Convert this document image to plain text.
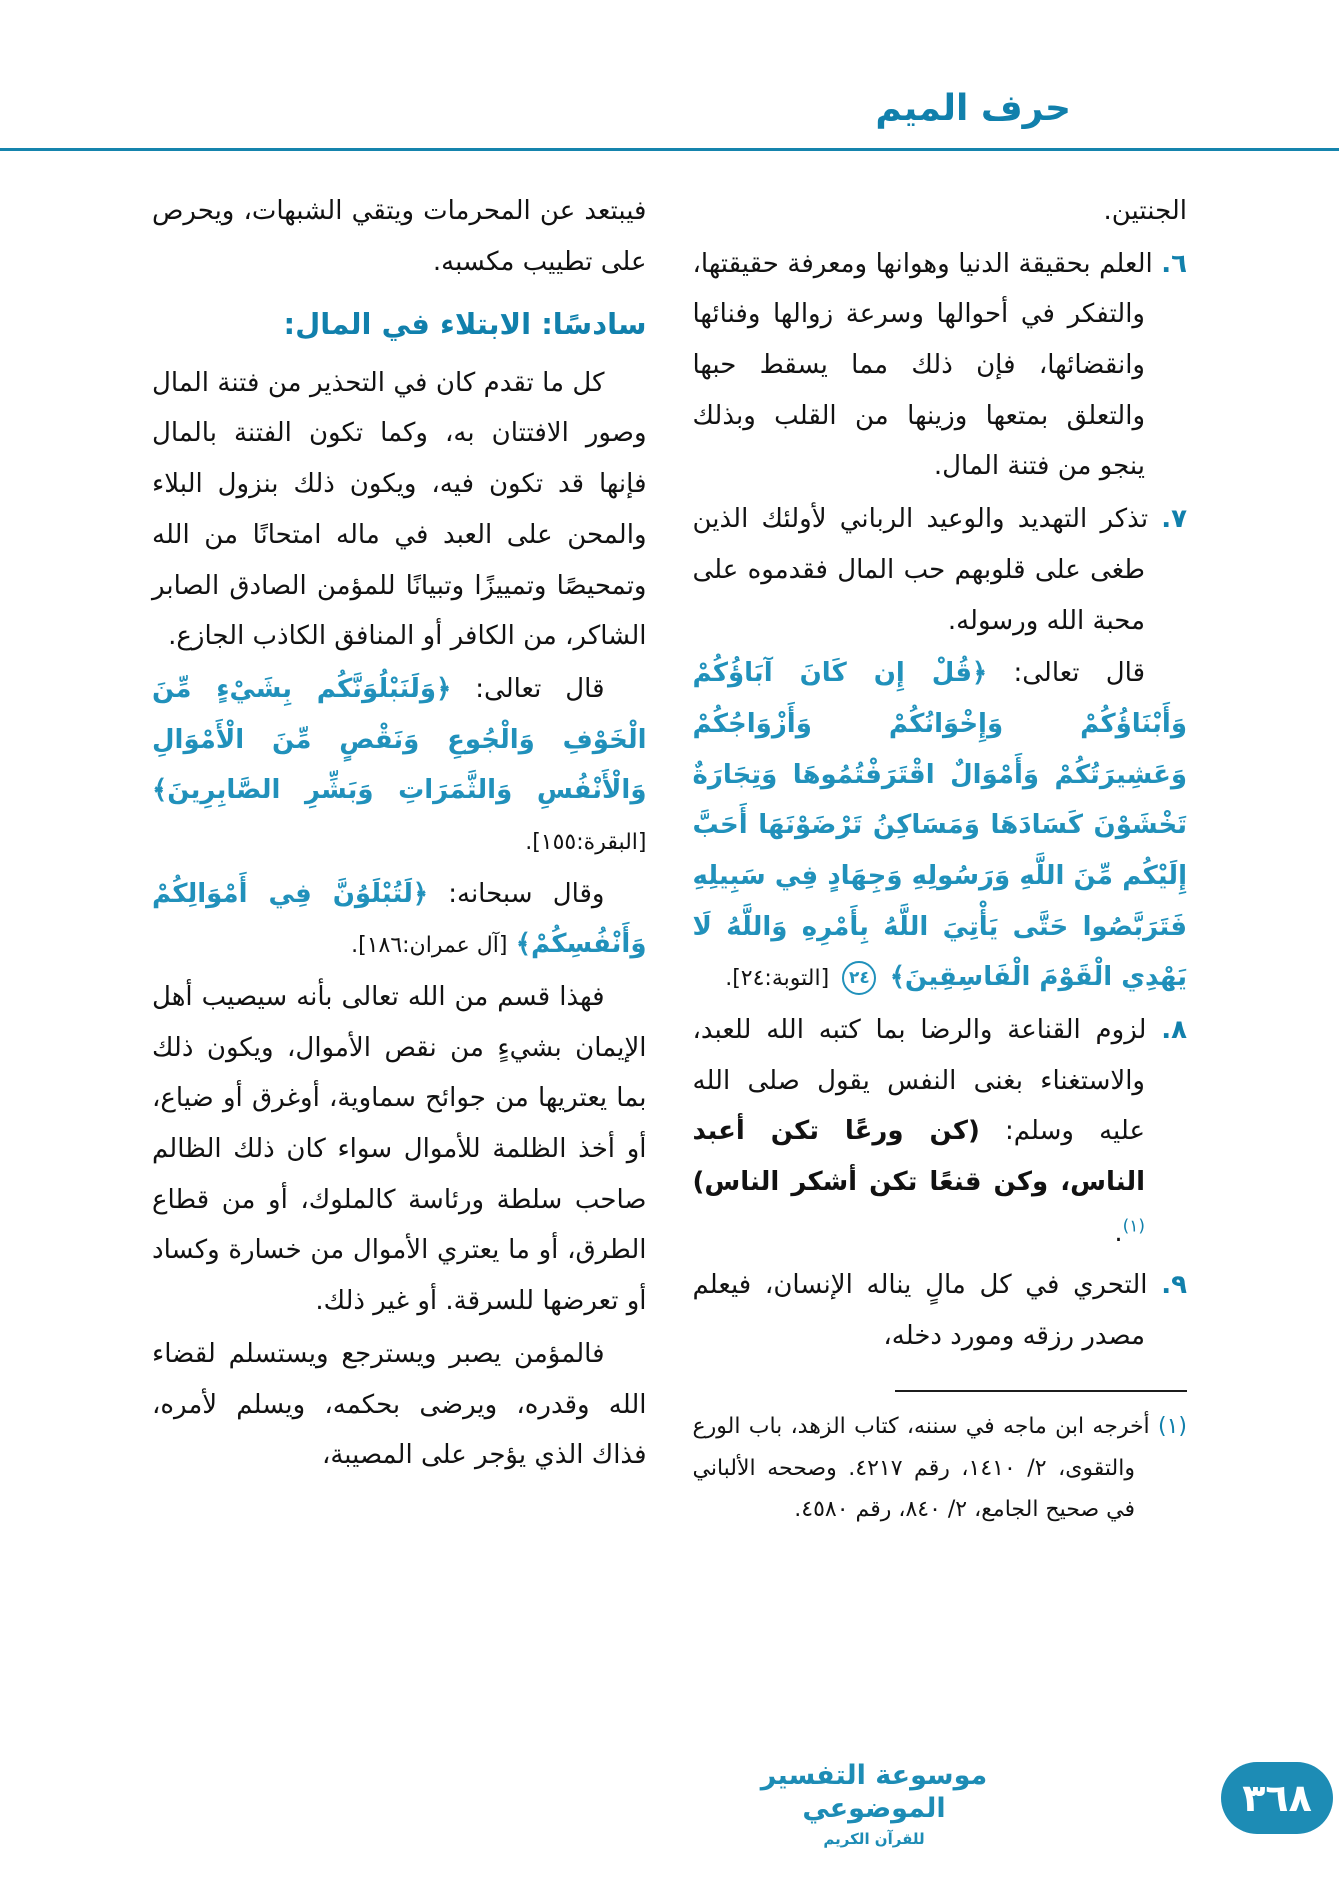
حرف الميم

الجنتين.

٦. العلم بحقيقة الدنيا وهوانها ومعرفة حقيقتها، والتفكر في أحوالها وسرعة زوالها وفنائها وانقضائها، فإن ذلك مما يسقط حبها والتعلق بمتعها وزينها من القلب وبذلك ينجو من فتنة المال.

٧. تذكر التهديد والوعيد الرباني لأولئك الذين طغى على قلوبهم حب المال فقدموه على محبة الله ورسوله.

قال تعالى: ﴿قُلْ إِن كَانَ آبَاؤُكُمْ وَأَبْنَاؤُكُمْ وَإِخْوَانُكُمْ وَأَزْوَاجُكُمْ وَعَشِيرَتُكُمْ وَأَمْوَالٌ اقْتَرَفْتُمُوهَا وَتِجَارَةٌ تَخْشَوْنَ كَسَادَهَا وَمَسَاكِنُ تَرْضَوْنَهَا أَحَبَّ إِلَيْكُم مِّنَ اللَّهِ وَرَسُولِهِ وَجِهَادٍ فِي سَبِيلِهِ فَتَرَبَّصُوا حَتَّى يَأْتِيَ اللَّهُ بِأَمْرِهِ وَاللَّهُ لَا يَهْدِي الْقَوْمَ الْفَاسِقِينَ﴾ ٢٤ [التوبة:٢٤].

٨. لزوم القناعة والرضا بما كتبه الله للعبد، والاستغناء بغنى النفس يقول صلى الله عليه وسلم: (كن ورعًا تكن أعبد الناس، وكن قنعًا تكن أشكر الناس)$^{(١)}$.

٩. التحري في كل مالٍ يناله الإنسان، فيعلم مصدر رزقه ومورد دخله،

(١) أخرجه ابن ماجه في سننه، كتاب الزهد، باب الورع والتقوى، ٢/ ١٤١٠، رقم ٤٢١٧. وصححه الألباني في صحيح الجامع، ٢/ ٨٤٠، رقم ٤٥٨٠.

فيبتعد عن المحرمات ويتقي الشبهات، ويحرص على تطييب مكسبه.

سادسًا: الابتلاء في المال:

كل ما تقدم كان في التحذير من فتنة المال وصور الافتتان به، وكما تكون الفتنة بالمال فإنها قد تكون فيه، ويكون ذلك بنزول البلاء والمحن على العبد في ماله امتحانًا من الله وتمحيصًا وتمييزًا وتبيانًا للمؤمن الصادق الصابر الشاكر، من الكافر أو المنافق الكاذب الجازع.

قال تعالى: ﴿وَلَنَبْلُوَنَّكُم بِشَيْءٍ مِّنَ الْخَوْفِ وَالْجُوعِ وَنَقْصٍ مِّنَ الْأَمْوَالِ وَالْأَنْفُسِ وَالثَّمَرَاتِ وَبَشِّرِ الصَّابِرِينَ﴾ [البقرة:١٥٥].

وقال سبحانه: ﴿لَتُبْلَوُنَّ فِي أَمْوَالِكُمْ وَأَنْفُسِكُمْ﴾ [آل عمران:١٨٦].

فهذا قسم من الله تعالى بأنه سيصيب أهل الإيمان بشيءٍ من نقص الأموال، ويكون ذلك بما يعتريها من جوائح سماوية، أوغرق أو ضياع، أو أخذ الظلمة للأموال سواء كان ذلك الظالم صاحب سلطة ورئاسة كالملوك، أو من قطاع الطرق، أو ما يعتري الأموال من خسارة وكساد أو تعرضها للسرقة. أو غير ذلك.

فالمؤمن يصبر ويسترجع ويستسلم لقضاء الله وقدره، ويرضى بحكمه، ويسلم لأمره، فذاك الذي يؤجر على المصيبة،

موسوعة التفسير الموضوعي
للقرآن الكريم
٣٦٨
